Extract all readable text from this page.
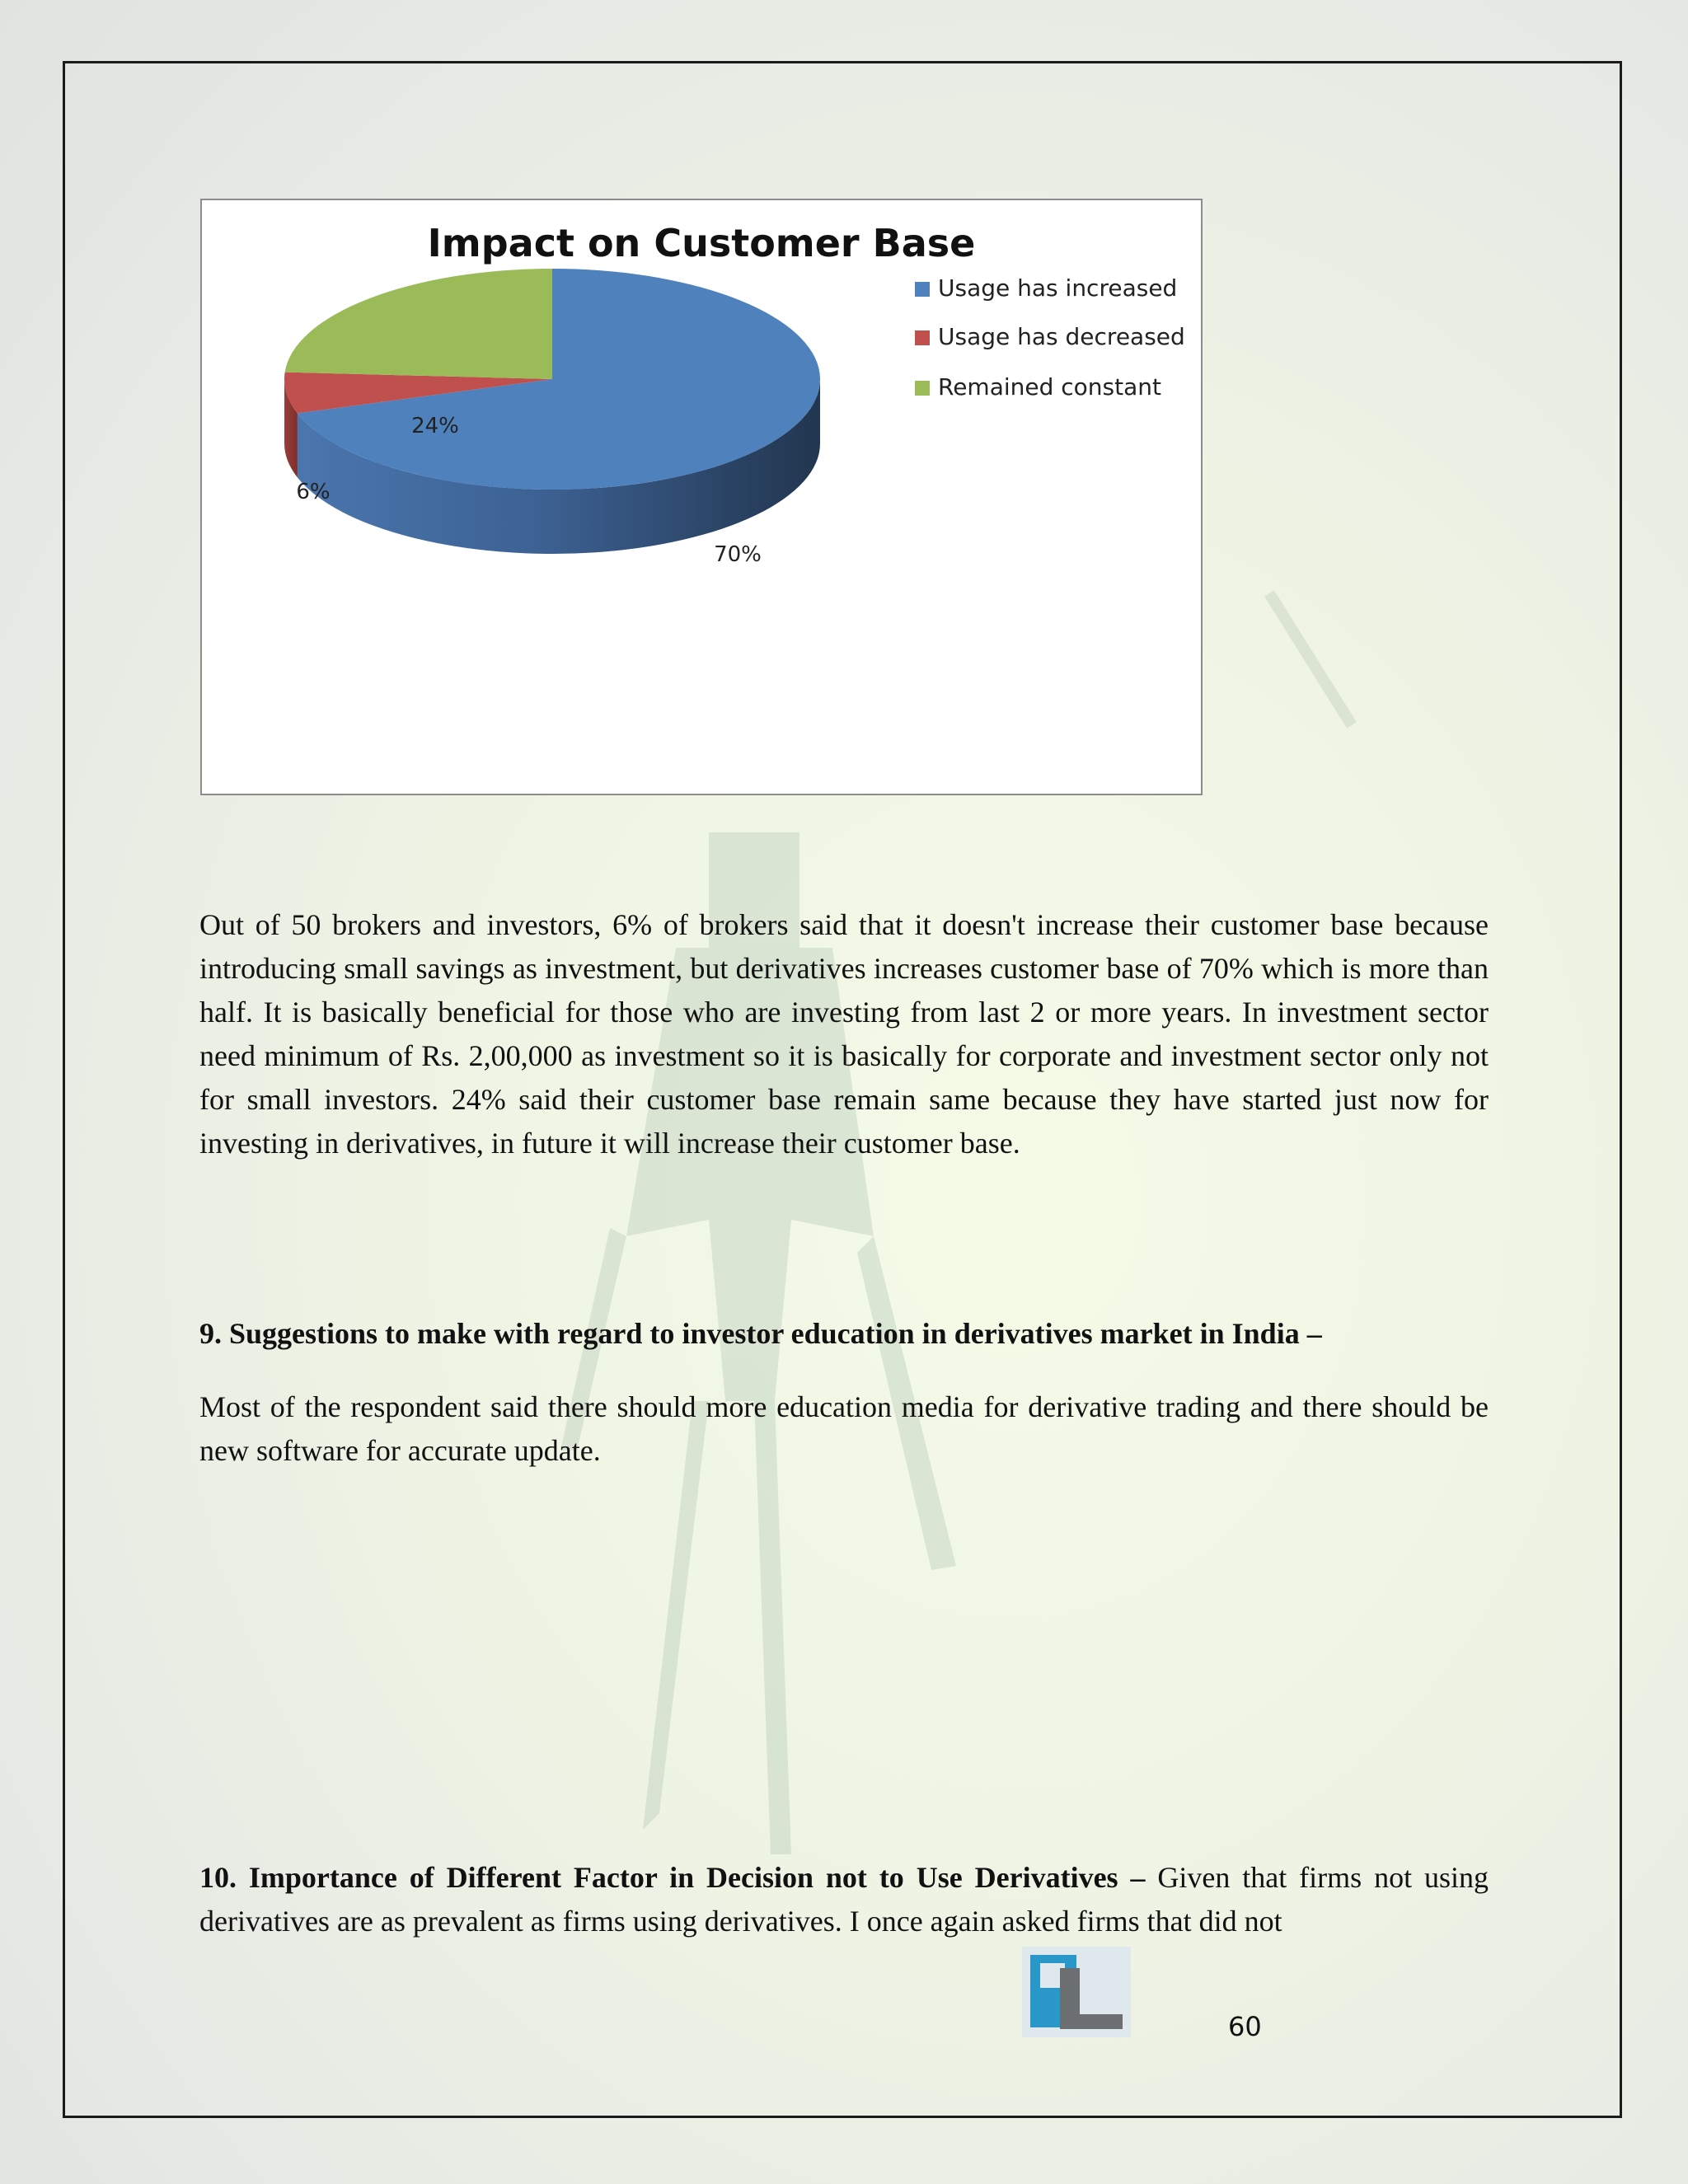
Impact on Customer Base
70%
6%
24%
Usage has increased
Usage has decreased
Remained constant
Out of 50 brokers and investors, 6% of brokers said that it doesn't increase their customer base because introducing small savings as investment, but derivatives increases customer base of 70% which is more than half. It is basically beneficial for those who are investing from last 2 or more years. In investment sector need minimum of Rs. 2,00,000 as investment so it is basically for corporate and investment sector only not for small investors. 24% said their customer base remain same because they have started just now for investing in derivatives, in future it will increase their customer base.
9. Suggestions to make with regard to investor education in derivatives market in India –
Most of the respondent said there should more education media for derivative trading and there should be new software for accurate update.
10. Importance of Different Factor in Decision not to Use Derivatives – Given that firms not using derivatives are as prevalent as firms using derivatives. I once again asked firms that did not
60
